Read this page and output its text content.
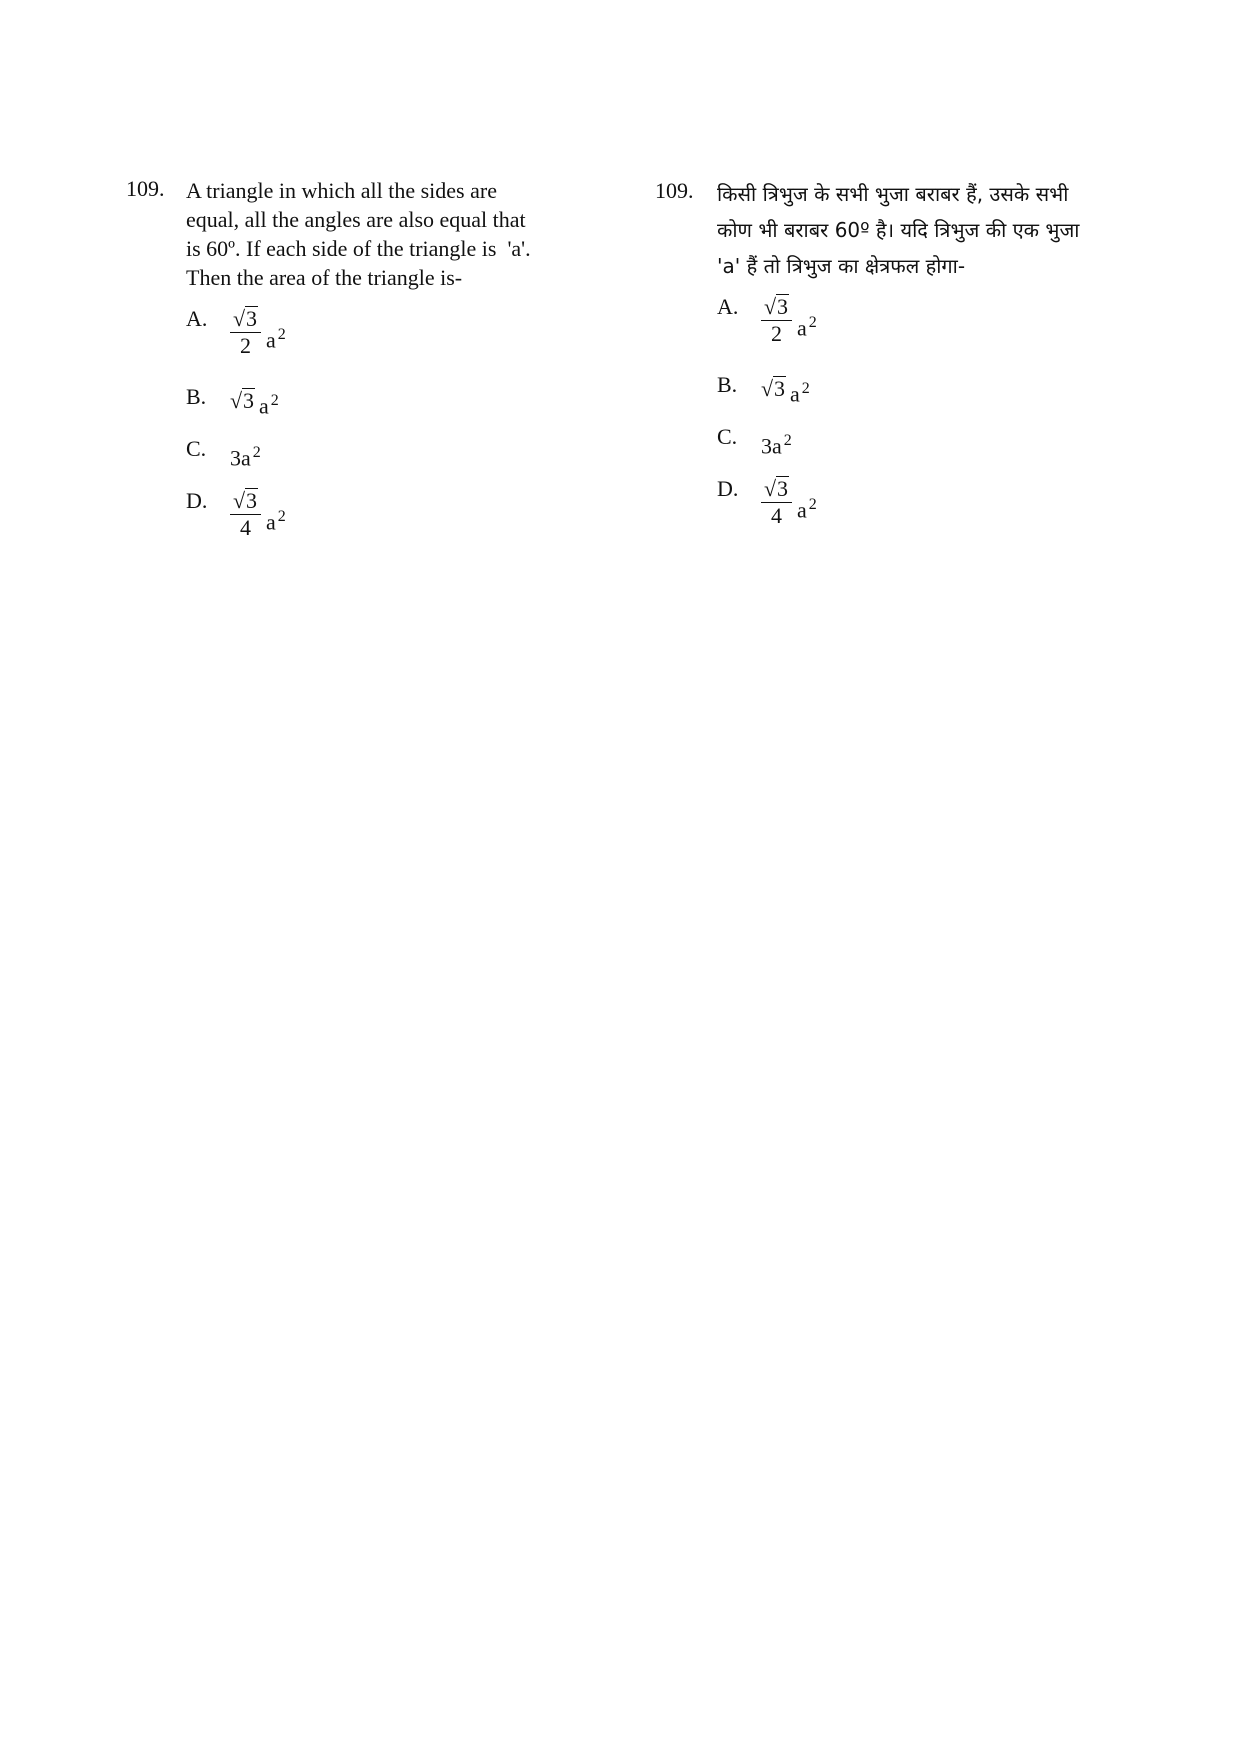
109. A triangle in which all the sides are
equal, all the angles are also equal that
is 60º. If each side of the triangle is  'a'.
Then the area of the triangle is-
A.	$\frac{√ 3}{2}$ a $^2$
B.	√ 3 a $^2$
C.	3a $^2$
D.	$\frac{√ 3}{4}$ a $^2$
109. किसी त्रिभुज के सभी भुजा बराबर हैं, उसके सभी
कोण भी बराबर 60º है। यदि त्रिभुज की एक भुजा
'a' हैं तो त्रिभुज का क्षेत्रफल होगा-
A.	$\frac{√ 3}{2}$ a $^2$
B.	√ 3 a $^2$
C.	3a $^2$
D.	$\frac{√ 3}{4}$ a $^2$
